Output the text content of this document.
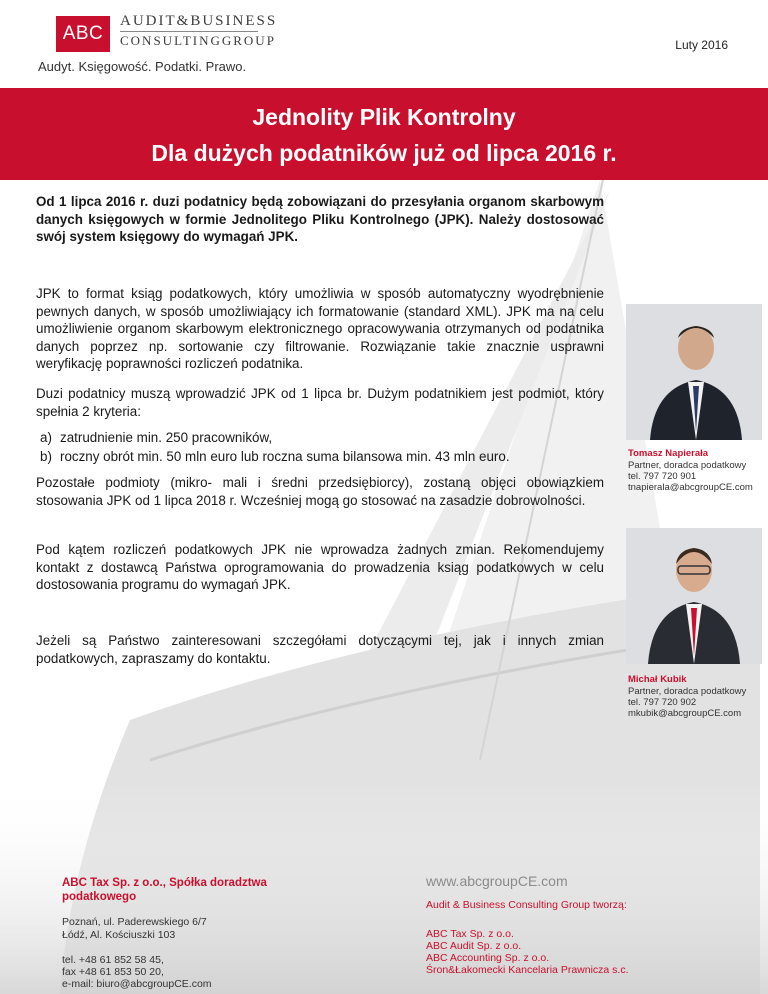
ABC
AUDIT&BUSINESS
CONSULTINGGROUP
Audyt. Księgowość. Podatki. Prawo.
Luty 2016
Jednolity Plik Kontrolny
Dla dużych podatników już od lipca 2016 r.
Od 1 lipca 2016 r. duzi podatnicy będą zobowiązani do przesyłania organom skarbowym danych księgowych w formie Jednolitego Pliku Kontrolnego (JPK). Należy dostosować swój system księgowy do wymagań JPK.
JPK to format ksiąg podatkowych, który umożliwia w sposób automatyczny wyodrębnienie pewnych danych, w sposób umożliwiający ich formatowanie (standard XML). JPK ma na celu umożliwienie organom skarbowym elektronicznego opracowywania otrzymanych od podatnika danych poprzez np. sortowanie czy filtrowanie. Rozwiązanie takie znacznie usprawni weryfikację poprawności rozliczeń podatnika.
Duzi podatnicy muszą wprowadzić JPK od 1 lipca br. Dużym podatnikiem jest podmiot, który spełnia 2 kryteria:
a) zatrudnienie min. 250 pracowników,
b) roczny obrót min. 50 mln euro lub roczna suma bilansowa min. 43 mln euro.
Pozostałe podmioty (mikro- mali i średni przedsiębiorcy), zostaną objęci obowiązkiem stosowania JPK od 1 lipca 2018 r. Wcześniej mogą go stosować na zasadzie dobrowolności.
Pod kątem rozliczeń podatkowych JPK nie wprowadza żadnych zmian. Rekomendujemy kontakt z dostawcą Państwa oprogramowania do prowadzenia ksiąg podatkowych w celu dostosowania programu do wymagań JPK.
Jeżeli są Państwo zainteresowani szczegółami dotyczącymi tej, jak i innych zmian podatkowych, zapraszamy do kontaktu.
Tomasz Napierała
Partner, doradca podatkowy
tel. 797 720 901
tnapierala@abcgroupCE.com
Michał Kubik
Partner, doradca podatkowy
tel. 797 720 902
mkubik@abcgroupCE.com
ABC Tax Sp. z o.o., Spółka doradztwa podatkowego
Poznań, ul. Paderewskiego 6/7
Łódź, Al. Kościuszki 103
tel. +48 61 852 58 45,
fax +48 61 853 50 20,
e-mail: biuro@abcgroupCE.com
www.abcgroupCE.com
Audit & Business Consulting Group tworzą:
ABC Tax Sp. z o.o.
ABC Audit Sp. z o.o.
ABC Accounting Sp. z o.o.
Śron&Łakomecki Kancelaria Prawnicza s.c.
